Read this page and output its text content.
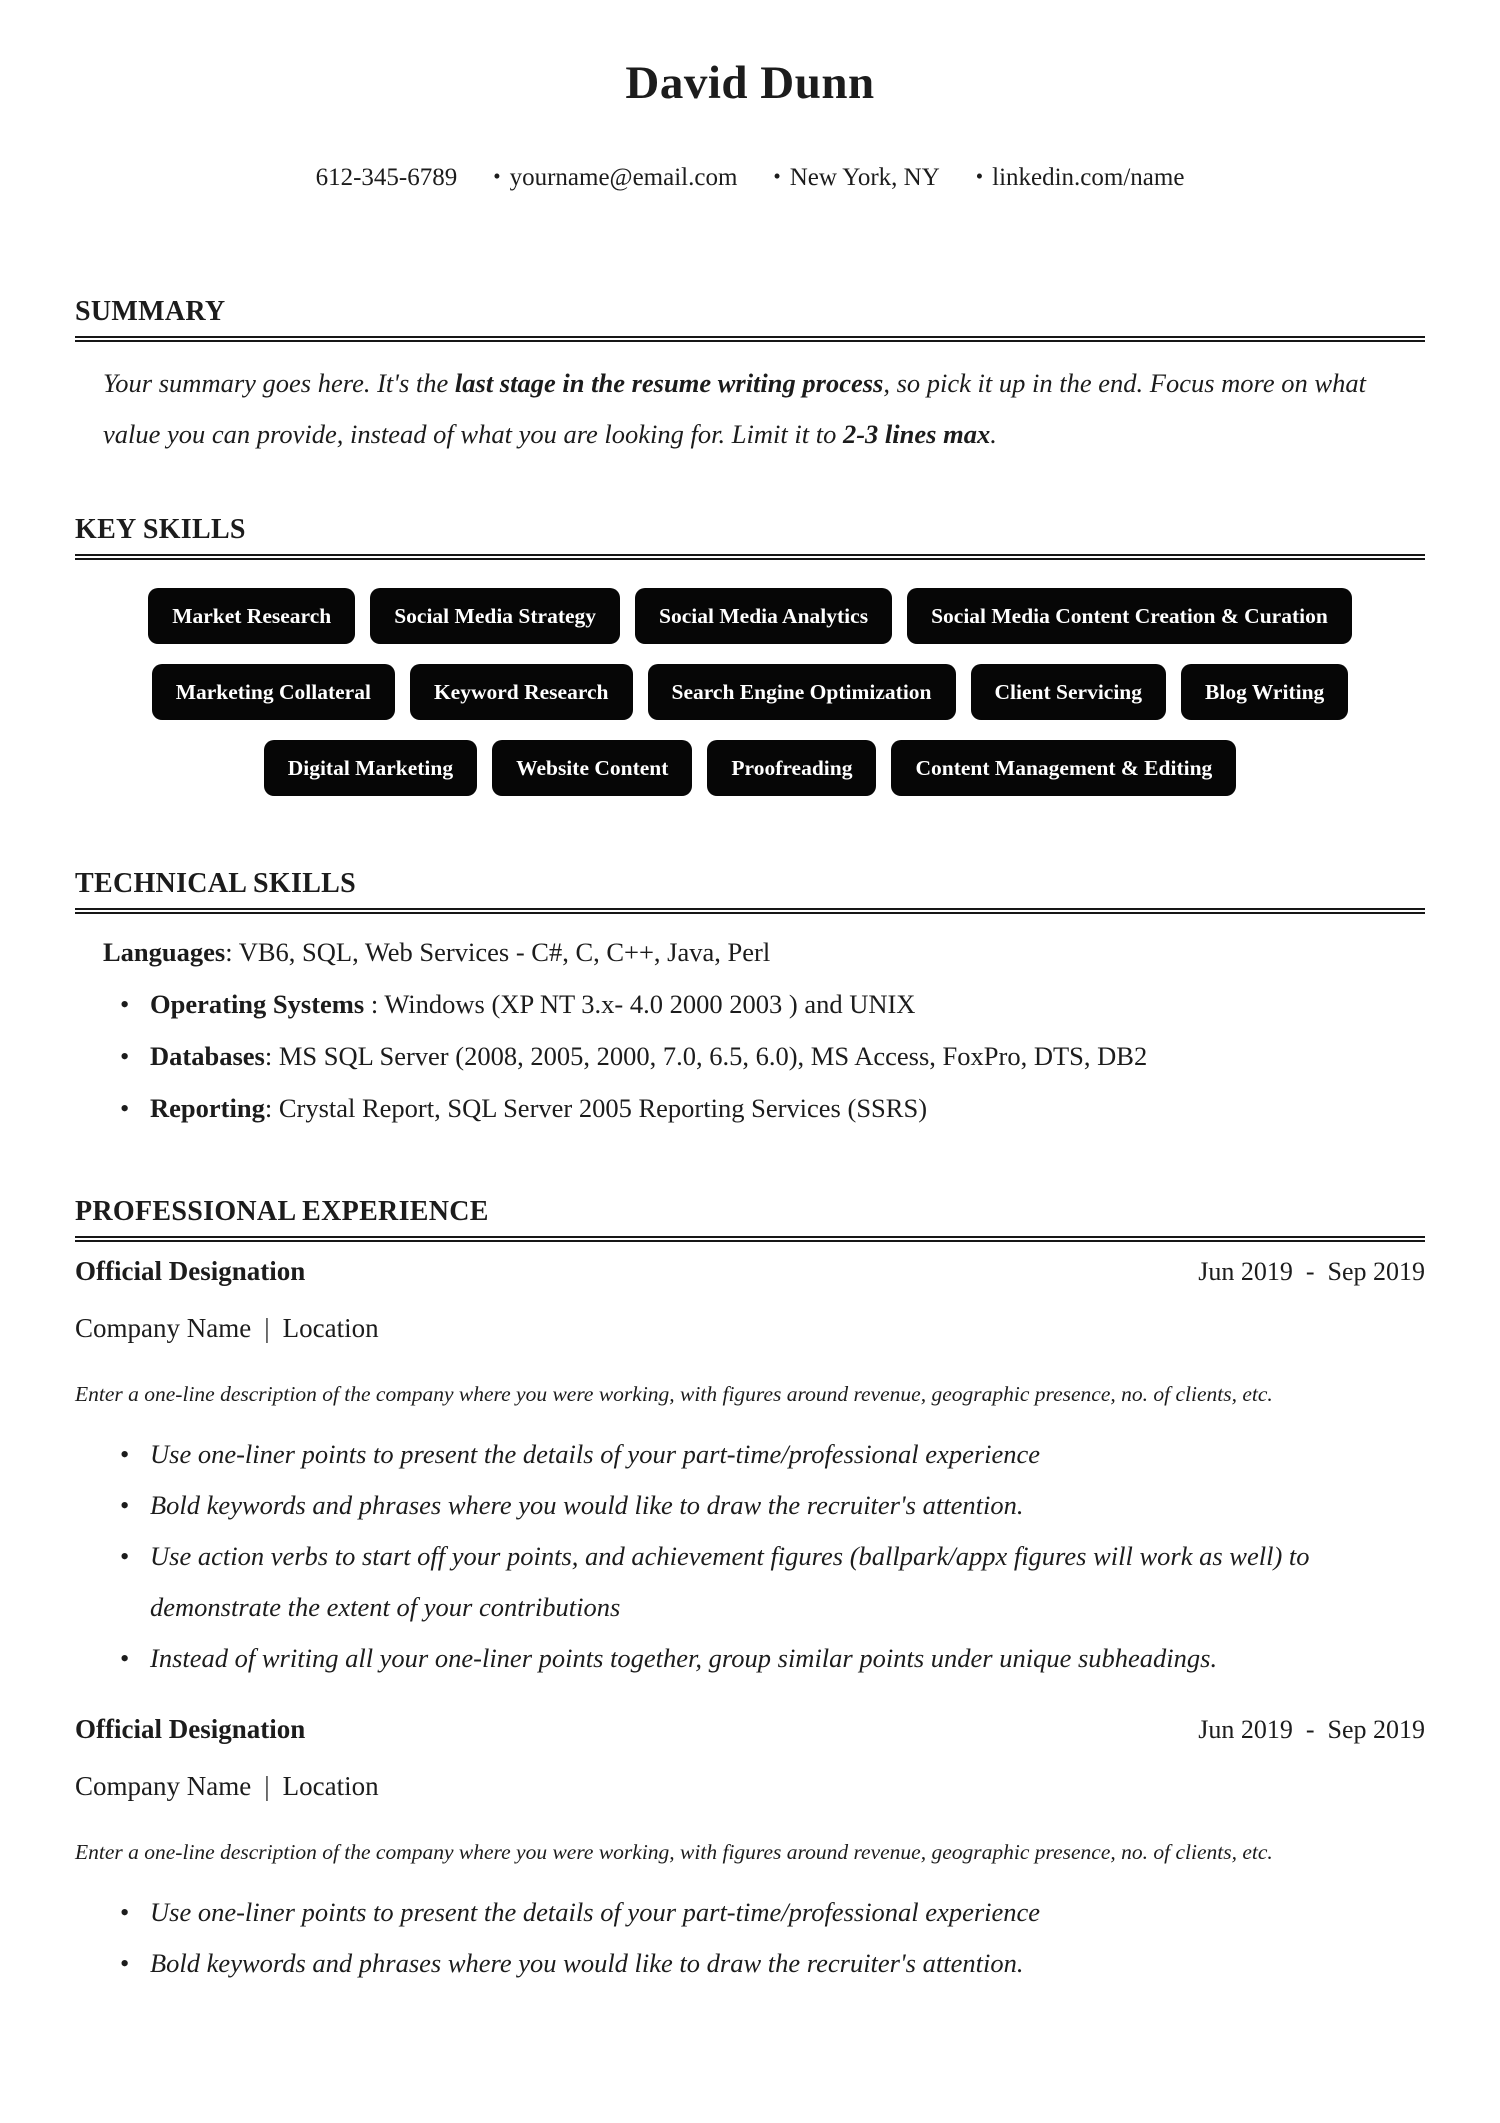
David Dunn
612-345-6789 • yourname@email.com • New York, NY • linkedin.com/name
SUMMARY

Your summary goes here. It's the last stage in the resume writing process, so pick it up in the end. Focus more on what value you can provide, instead of what you are looking for. Limit it to 2-3 lines max.

KEY SKILLS
Market Research	Social Media Strategy	Social Media Analytics	Social Media Content Creation & Curation
Marketing Collateral	Keyword Research	Search Engine Optimization	Client Servicing	Blog Writing
Digital Marketing	Website Content	Proofreading	Content Management & Editing
TECHNICAL SKILLS

Languages: VB6, SQL, Web Services - C#, C, C++, Java, Perl

• Operating Systems : Windows (XP NT 3.x- 4.0 2000 2003 ) and UNIX
• Databases: MS SQL Server (2008, 2005, 2000, 7.0, 6.5, 6.0), MS Access, FoxPro, DTS, DB2
• Reporting: Crystal Report, SQL Server 2005 Reporting Services (SSRS)
PROFESSIONAL EXPERIENCE
Official Designation	Jun 2019  -  Sep 2019

Company Name | Location

Enter a one-line description of the company where you were working, with figures around revenue, geographic presence, no. of clients, etc.

• Use one-liner points to present the details of your part-time/professional experience
• Bold keywords and phrases where you would like to draw the recruiter's attention.
• Use action verbs to start off your points, and achievement figures (ballpark/appx figures will work as well) to demonstrate the extent of your contributions
• Instead of writing all your one-liner points together, group similar points under unique subheadings.
Official Designation	Jun 2019  -  Sep 2019

Company Name | Location

Enter a one-line description of the company where you were working, with figures around revenue, geographic presence, no. of clients, etc.

• Use one-liner points to present the details of your part-time/professional experience
• Bold keywords and phrases where you would like to draw the recruiter's attention.
